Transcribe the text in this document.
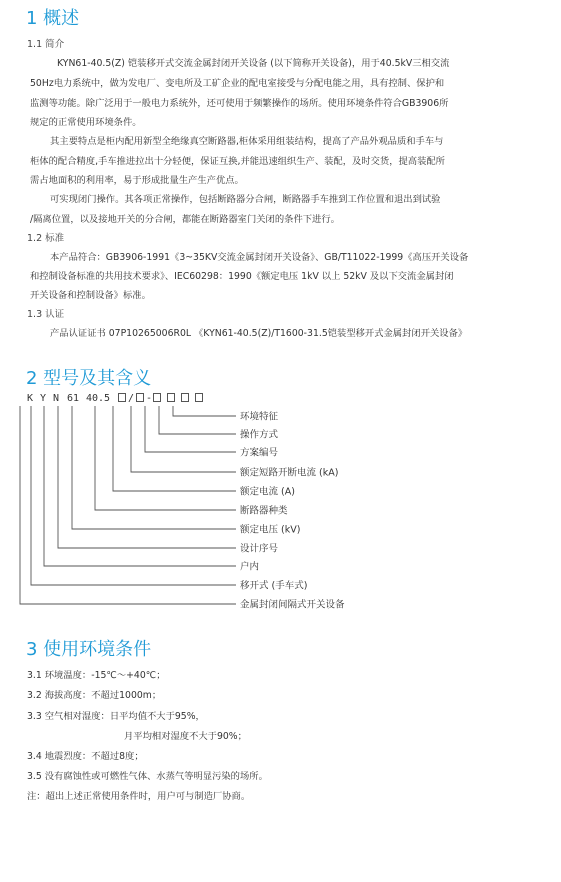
1 概述

1.1 简介

KYN61-40.5(Z) 铠装移开式交流金属封闭开关设备 (以下简称开关设备)，用于40.5kV三相交流

50Hz电力系统中，做为发电厂、变电所及工矿企业的配电室接受与分配电能之用，具有控制、保护和

监测等功能。除广泛用于一般电力系统外，还可使用于频繁操作的场所。使用环境条件符合GB3906所

规定的正常使用环境条件。

其主要特点是柜内配用新型全绝缘真空断路器,柜体采用组装结构，提高了产品外观品质和手车与

柜体的配合精度,手车推进拉出十分轻便，保证互换,并能迅速组织生产、装配，及时交货，提高装配所

需占地面积的利用率，易于形成批量生产生产优点。

可实现闭门操作。其各项正常操作，包括断路器分合闸，断路器手车推到工作位置和退出到试验

/隔离位置，以及接地开关的分合闸，都能在断路器室门关闭的条件下进行。

1.2 标准

本产品符合：GB3906-1991《3~35KV交流金属封闭开关设备》、GB/T11022-1999《高压开关设备

和控制设备标准的共用技术要求》、IEC60298：1990《额定电压 1kV 以上 52kV 及以下交流金属封闭

开关设备和控制设备》标准。

1.3 认证

产品认证证书 07P10265006R0L 《KYN61-40.5(Z)/T1600-31.5铠装型移开式金属封闭开关设备》

2 型号及其含义
K Y N 61 40.5 / -
环境特征
操作方式
方案编号
额定短路开断电流 (kA)
额定电流 (A)
断路器种类
额定电压 (kV)
设计序号
户内
移开式 (手车式)
金属封闭间隔式开关设备
3 使用环境条件

3.1 环境温度：-15℃～+40℃；

3.2 海拔高度：不超过1000m；

3.3 空气相对湿度：日平均值不大于95%，

月平均相对湿度不大于90%；

3.4 地震烈度：不超过8度；

3.5 没有腐蚀性或可燃性气体、水蒸气等明显污染的场所。

注：超出上述正常使用条件时，用户可与制造厂协商。
